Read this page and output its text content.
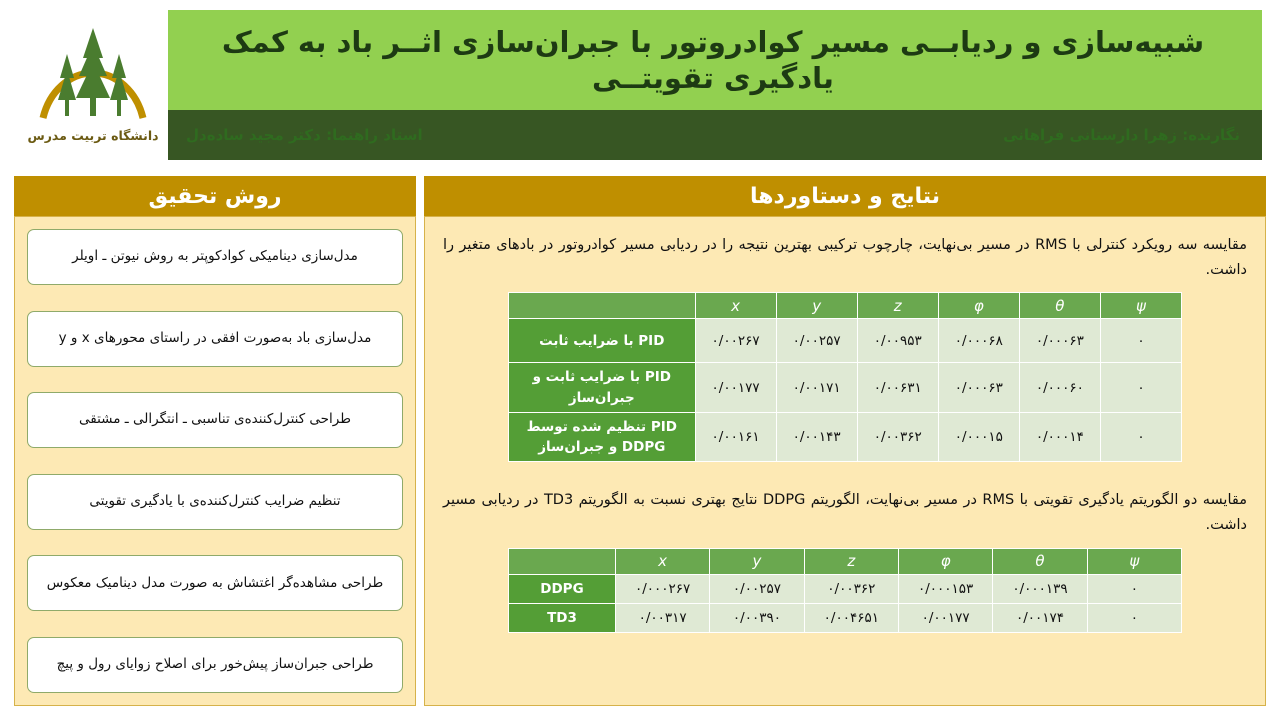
شبیه‌سازی و ردیابــی مسیر کوادروتور با جبران‌سازی اثــر باد به کمک یادگیری تقویتــی
نگارنده: زهرا دارستانی فراهانی
استاد راهنما: دکتر مجید ساده‌دل
دانشگاه تربیت مدرس
نتایج و دستاوردها
مقایسه سه رویکرد کنترلی با RMS در مسیر بی‌نهایت، چارچوب ترکیبی بهترین نتیجه را در ردیابی مسیر کوادروتور در بادهای متغیر را داشت.
ψ	θ	φ	z	y	x	
۰	۰/۰۰۰۶۳	۰/۰۰۰۶۸	۰/۰۰۹۵۳	۰/۰۰۲۵۷	۰/۰۰۲۶۷	PID با ضرایب ثابت
۰	۰/۰۰۰۶۰	۰/۰۰۰۶۳	۰/۰۰۶۳۱	۰/۰۰۱۷۱	۰/۰۰۱۷۷	PID با ضرایب ثابت و جبران‌ساز
۰	۰/۰۰۰۱۴	۰/۰۰۰۱۵	۰/۰۰۳۶۲	۰/۰۰۱۴۳	۰/۰۰۱۶۱	PID تنظیم شده توسط DDPG و جبران‌ساز
مقایسه دو الگوریتم یادگیری تقویتی با RMS در مسیر بی‌نهایت، الگوریتم DDPG نتایج بهتری نسبت به الگوریتم TD3 در ردیابی مسیر داشت.
ψ	θ	φ	z	y	x	
۰	۰/۰۰۰۱۳۹	۰/۰۰۰۱۵۳	۰/۰۰۳۶۲	۰/۰۰۲۵۷	۰/۰۰۰۲۶۷	DDPG
۰	۰/۰۰۱۷۴	۰/۰۰۱۷۷	۰/۰۰۴۶۵۱	۰/۰۰۳۹۰	۰/۰۰۳۱۷	TD3
روش تحقیق
مدل‌سازی دینامیکی کوادکوپتر به روش نیوتن ـ اویلر
مدل‌سازی باد به‌صورت افقی در راستای محورهای x و y
طراحی کنترل‌کننده‌ی تناسبی ـ انتگرالی ـ مشتقی
تنظیم ضرایب کنترل‌کننده‌ی با یادگیری تقویتی
طراحی مشاهده‌گر اغتشاش به صورت مدل دینامیک معکوس
طراحی جبران‌ساز پیش‌خور برای اصلاح زوایای رول و پیچ
